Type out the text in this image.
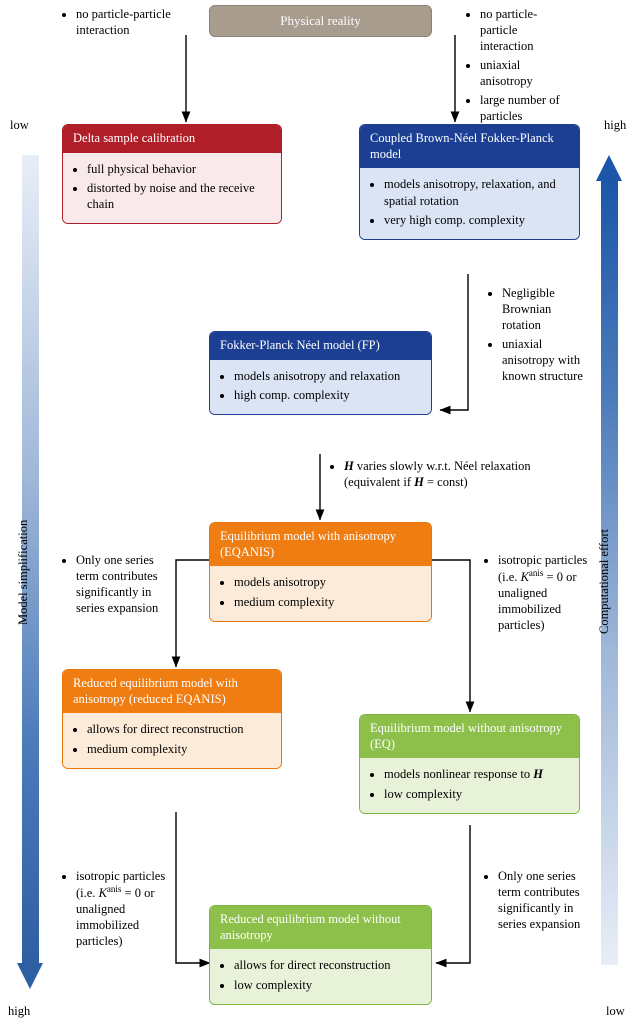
low
high
Model simplification
high
low
Computational effort
Physical reality
• no particle-particle interaction
• no particle-particle interaction
• uniaxial anisotropy
• large number of particles
Delta sample calibration
• full physical behavior
• distorted by noise and the receive chain
Coupled Brown-Néel Fokker-Planck model
• models anisotropy, relaxation, and spatial rotation
• very high comp. complexity
• Negligible Brownian rotation
• uniaxial anisotropy with known structure
Fokker-Planck Néel model (FP)
• models anisotropy and relaxation
• high comp. complexity
• H varies slowly w.r.t. Néel relaxation (equivalent if H = const)
Equilibrium model with anisotropy (EQANIS)
• models anisotropy
• medium complexity
• Only one series term contributes significantly in series expansion
• isotropic particles (i.e. $K^{anis} = 0$ or unaligned immobilized particles)
Reduced equilibrium model with anisotropy (reduced EQANIS)
• allows for direct reconstruction
• medium complexity
Equilibrium model without anisotropy (EQ)
• models nonlinear response to H
• low complexity
• isotropic particles (i.e. $K^{anis} = 0$ or unaligned immobilized particles)
• Only one series term contributes significantly in series expansion
Reduced equilibrium model without anisotropy
• allows for direct reconstruction
• low complexity
